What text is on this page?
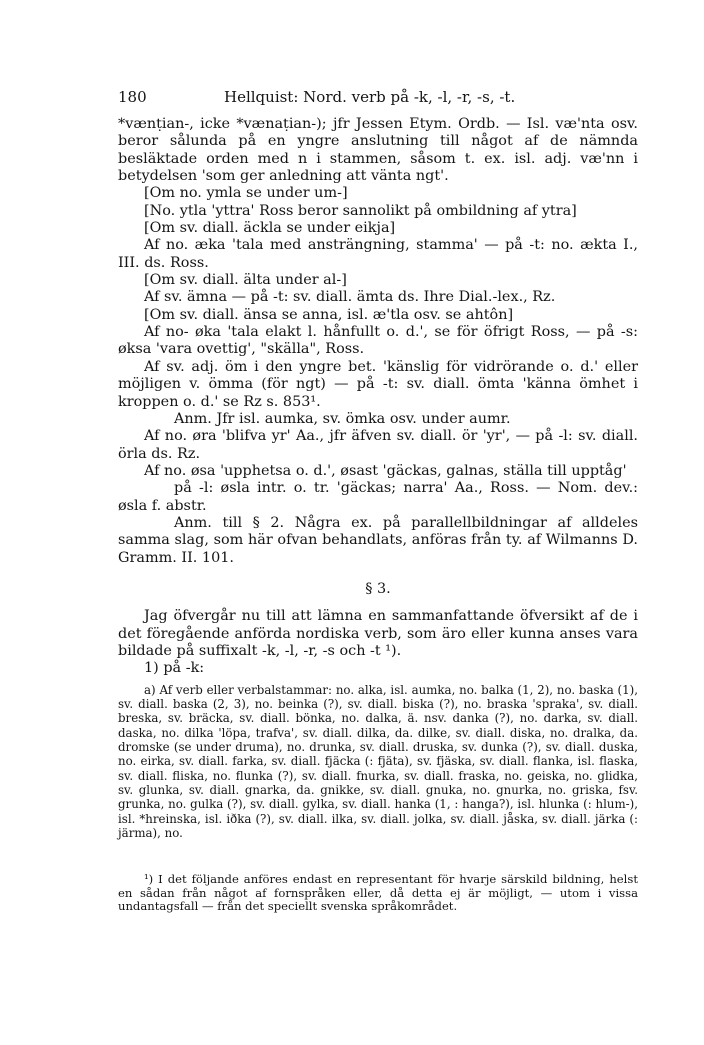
180	Hellquist: Nord. verb på -k, -l, -r, -s, -t.

*vænṭian-, icke *vænaṭian-); jfr Jessen Etym. Ordb. — Isl. væ'nta osv. beror sålunda på en yngre anslutning till något af de nämnda besläktade orden med n i stammen, såsom t. ex. isl. adj. væ'nn i betydelsen 'som ger anledning att vänta ngt'.

[Om no. ymla se under um-]

[No. ytla 'yttra' Ross beror sannolikt på ombildning af ytra]

[Om sv. diall. äckla se under eikja]

Af no. æka 'tala med ansträngning, stamma' — på -t: no. ækta I., III. ds. Ross.

[Om sv. diall. älta under al-]

Af sv. ämna — på -t: sv. diall. ämta ds. Ihre Dial.-lex., Rz.

[Om sv. diall. änsa se anna, isl. æ'tla osv. se ahtôn]

Af no- øka 'tala elakt l. hånfullt o. d.', se för öfrigt Ross, — på -s: øksa 'vara ovettig', "skälla", Ross.

Af sv. adj. öm i den yngre bet. 'känslig för vidrörande o. d.' eller möjligen v. ömma (för ngt) — på -t: sv. diall. ömta 'känna ömhet i kroppen o. d.' se Rz s. 853¹.

Anm. Jfr isl. aumka, sv. ömka osv. under aumr.

Af no. øra 'blifva yr' Aa., jfr äfven sv. diall. ör 'yr', — på -l: sv. diall. örla ds. Rz.

Af no. øsa 'upphetsa o. d.', øsast 'gäckas, galnas, ställa till upptåg'

på -l: øsla intr. o. tr. 'gäckas; narra' Aa., Ross. — Nom. dev.: øsla f. abstr.

Anm. till § 2. Några ex. på parallellbildningar af alldeles samma slag, som här ofvan behandlats, anföras från ty. af Wilmanns D. Gramm. II. 101.

§ 3.

Jag öfvergår nu till att lämna en sammanfattande öfversikt af de i det föregående anförda nordiska verb, som äro eller kunna anses vara bildade på suffixalt -k, -l, -r, -s och -t ¹).

1) på -k:

a) Af verb eller verbalstammar: no. alka, isl. aumka, no. balka (1, 2), no. baska (1), sv. diall. baska (2, 3), no. beinka (?), sv. diall. biska (?), no. braska 'spraka', sv. diall. breska, sv. bräcka, sv. diall. bönka, no. dalka, ä. nsv. danka (?), no. darka, sv. diall. daska, no. dilka 'löpa, trafva', sv. diall. dilka, da. dilke, sv. diall. diska, no. dralka, da. dromske (se under druma), no. drunka, sv. diall. druska, sv. dunka (?), sv. diall. duska, no. eirka, sv. diall. farka, sv. diall. fjäcka (: fjäta), sv. fjäska, sv. diall. flanka, isl. flaska, sv. diall. fliska, no. flunka (?), sv. diall. fnurka, sv. diall. fraska, no. geiska, no. glidka, sv. glunka, sv. diall. gnarka, da. gnikke, sv. diall. gnuka, no. gnurka, no. griska, fsv. grunka, no. gulka (?), sv. diall. gylka, sv. diall. hanka (1, : hanga?), isl. hlunka (: hlum-), isl. *hreinska, isl. iðka (?), sv. diall. ilka, sv. diall. jolka, sv. diall. jåska, sv. diall. järka (: järma), no.

¹) I det följande anföres endast en representant för hvarje särskild bildning, helst en sådan från något af fornspråken eller, då detta ej är möjligt, — utom i vissa undantagsfall — från det speciellt svenska språkområdet.
